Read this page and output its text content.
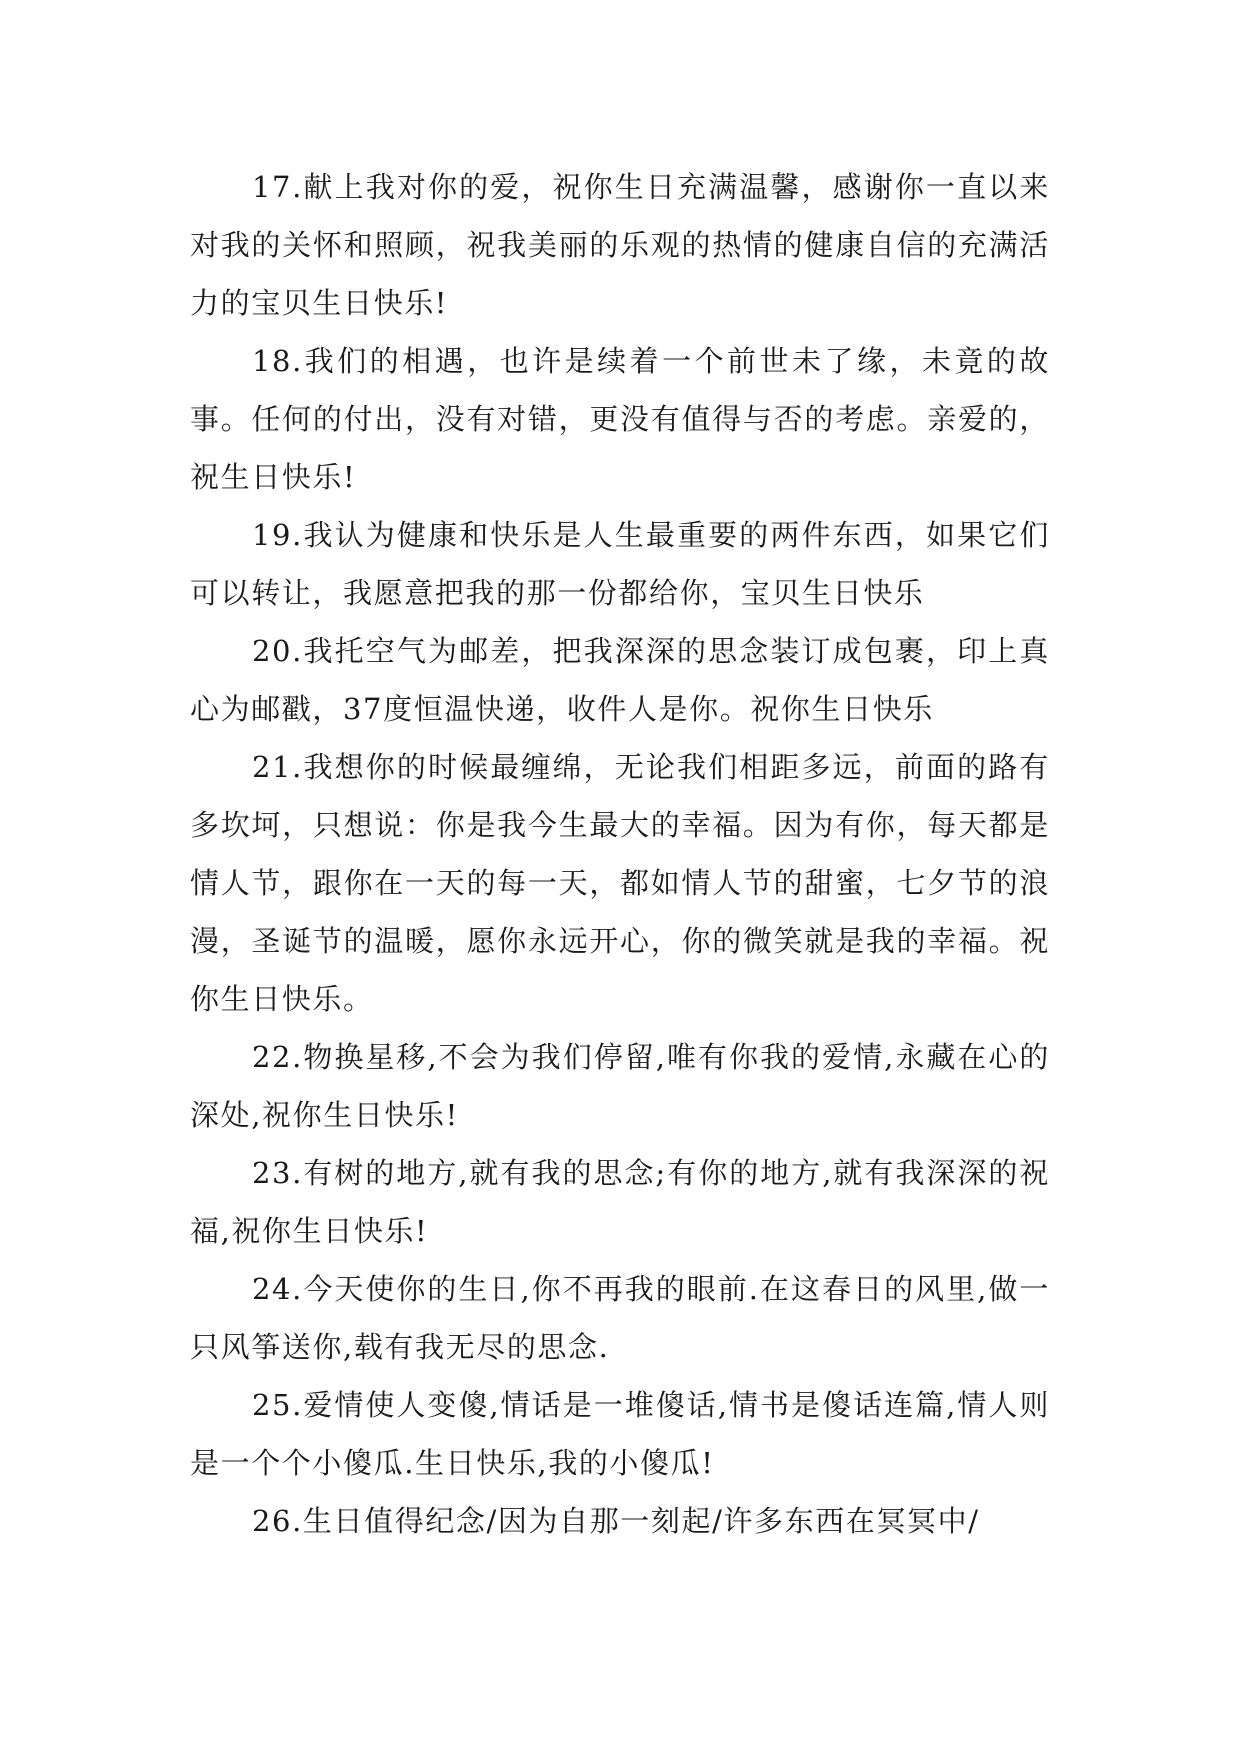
17.献上我对你的爱，祝你生日充满温馨，感谢你一直以来对我的关怀和照顾，祝我美丽的乐观的热情的健康自信的充满活力的宝贝生日快乐!

18.我们的相遇，也许是续着一个前世未了缘，未竟的故事。任何的付出，没有对错，更没有值得与否的考虑。亲爱的，祝生日快乐!

19.我认为健康和快乐是人生最重要的两件东西，如果它们可以转让，我愿意把我的那一份都给你，宝贝生日快乐

20.我托空气为邮差，把我深深的思念装订成包裹，印上真心为邮戳，37度恒温快递，收件人是你。祝你生日快乐

21.我想你的时候最缠绵，无论我们相距多远，前面的路有多坎坷，只想说：你是我今生最大的幸福。因为有你，每天都是情人节，跟你在一天的每一天，都如情人节的甜蜜，七夕节的浪漫，圣诞节的温暖，愿你永远开心，你的微笑就是我的幸福。祝你生日快乐。

22.物换星移,不会为我们停留,唯有你我的爱情,永藏在心的深处,祝你生日快乐!

23.有树的地方,就有我的思念;有你的地方,就有我深深的祝福,祝你生日快乐!

24.今天使你的生日,你不再我的眼前.在这春日的风里,做一只风筝送你,载有我无尽的思念.

25.爱情使人变傻,情话是一堆傻话,情书是傻话连篇,情人则是一个个小傻瓜.生日快乐,我的小傻瓜!

26.生日值得纪念/因为自那一刻起/许多东西在冥冥中/
